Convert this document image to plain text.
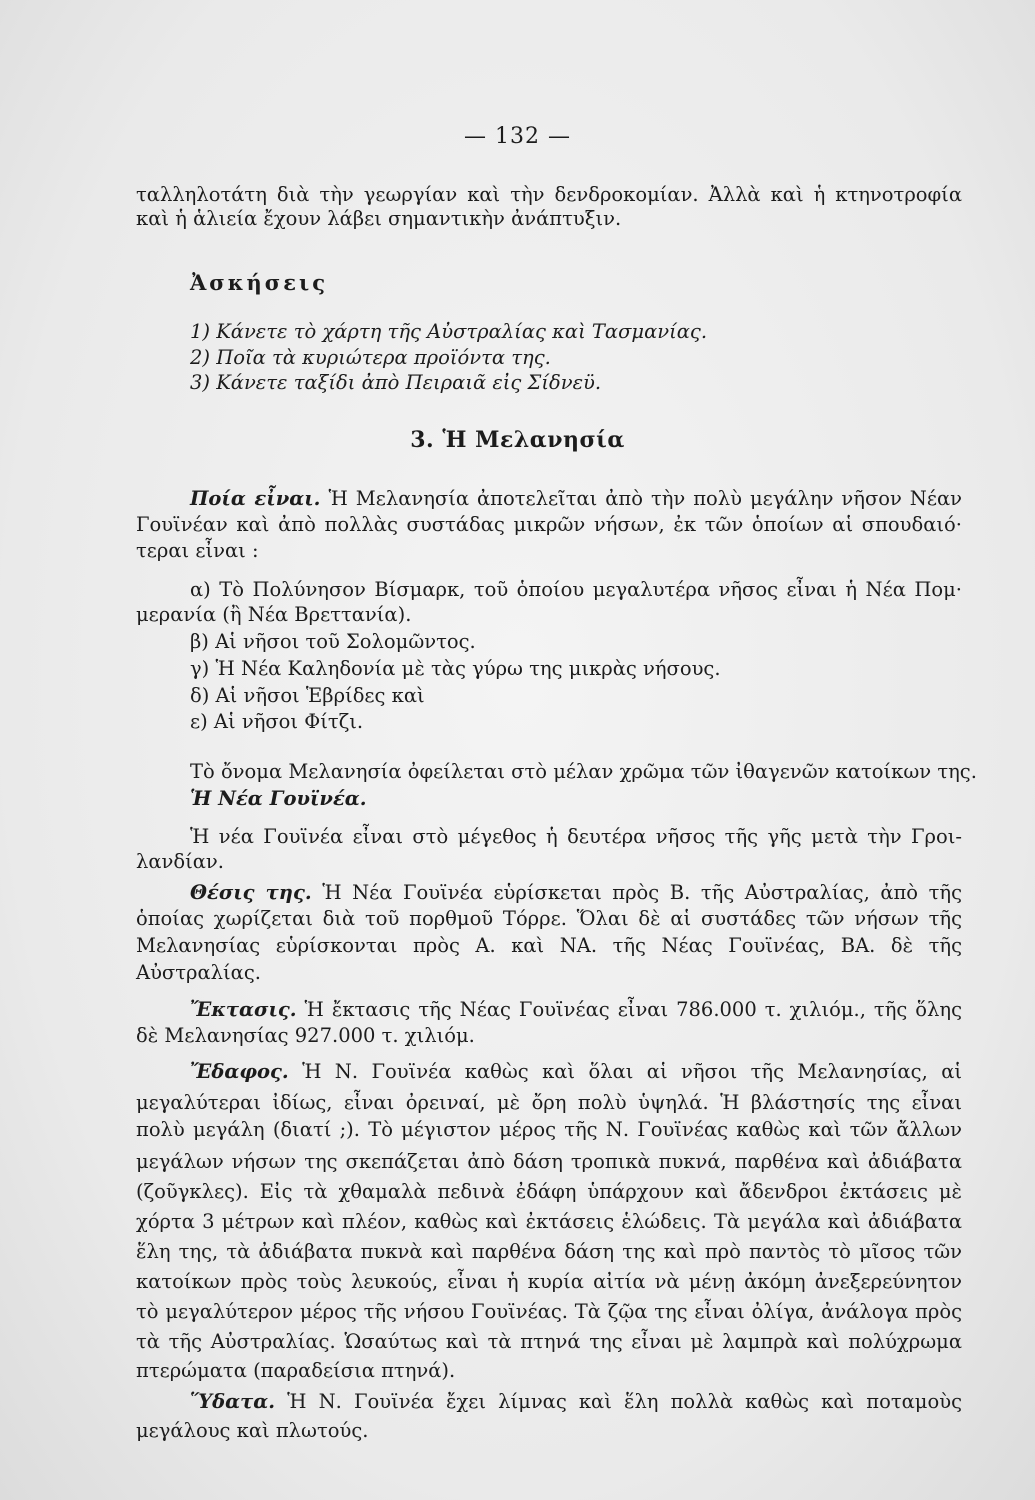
— 132 —
ταλληλοτάτη διὰ τὴν γεωργίαν καὶ τὴν δενδροκομίαν. Ἀλλὰ καὶ ἡ κτηνοτροφία
καὶ ἡ ἁλιεία ἔχουν λάβει σημαντικὴν ἀνάπτυξιν.
Ἀσκήσεις
1) Κάνετε τὸ χάρτη τῆς Αὐστραλίας καὶ Τασμανίας.
2) Ποῖα τὰ κυριώτερα προϊόντα της.
3) Κάνετε ταξίδι ἀπὸ Πειραιᾶ εἰς Σίδνεϋ.
3. Ἡ Μελανησία
Ποία εἶναι. Ἡ Μελανησία ἀποτελεῖται ἀπὸ τὴν πολὺ μεγάλην νῆσον Νέαν
Γουϊνέαν καὶ ἀπὸ πολλὰς συστάδας μικρῶν νήσων, ἐκ τῶν ὁποίων αἱ σπουδαιό·
τεραι εἶναι :
α) Τὸ Πολύνησον Βίσμαρκ, τοῦ ὁποίου μεγαλυτέρα νῆσος εἶναι ἡ Νέα Πομ·
μερανία (ἢ Νέα Βρεττανία).
β) Αἱ νῆσοι τοῦ Σολομῶντος.
γ) Ἡ Νέα Καληδονία μὲ τὰς γύρω της μικρὰς νήσους.
δ) Αἱ νῆσοι Ἑβρίδες καὶ
ε) Αἱ νῆσοι Φίτζι.
Τὸ ὄνομα Μελανησία ὀφείλεται στὸ μέλαν χρῶμα τῶν ἰθαγενῶν κατοίκων της.
Ἡ Νέα Γουϊνέα.
Ἡ νέα Γουϊνέα εἶναι στὸ μέγεθος ἡ δευτέρα νῆσος τῆς γῆς μετὰ τὴν Γροι-
λανδίαν.
Θέσις της. Ἡ Νέα Γουϊνέα εὑρίσκεται πρὸς Β. τῆς Αὐστραλίας, ἀπὸ τῆς
ὁποίας χωρίζεται διὰ τοῦ πορθμοῦ Τόρρε. Ὅλαι δὲ αἱ συστάδες τῶν νήσων τῆς
Μελανησίας εὑρίσκονται πρὸς Α. καὶ ΝΑ. τῆς Νέας Γουϊνέας, ΒΑ. δὲ τῆς
Αὐστραλίας.
Ἔκτασις. Ἡ ἔκτασις τῆς Νέας Γουϊνέας εἶναι 786.000 τ. χιλιόμ., τῆς ὅλης
δὲ Μελανησίας 927.000 τ. χιλιόμ.
Ἔδαφος. Ἡ Ν. Γουϊνέα καθὼς καὶ ὅλαι αἱ νῆσοι τῆς Μελανησίας, αἱ
μεγαλύτεραι ἰδίως, εἶναι ὀρειναί, μὲ ὄρη πολὺ ὑψηλά. Ἡ βλάστησίς της εἶναι
πολὺ μεγάλη (διατί ;). Τὸ μέγιστον μέρος τῆς Ν. Γουϊνέας καθὼς καὶ τῶν ἄλλων
μεγάλων νήσων της σκεπάζεται ἀπὸ δάση τροπικὰ πυκνά, παρθένα καὶ ἀδιάβατα
(ζοῦγκλες). Εἰς τὰ χθαμαλὰ πεδινὰ ἐδάφη ὑπάρχουν καὶ ἄδενδροι ἐκτάσεις μὲ
χόρτα 3 μέτρων καὶ πλέον, καθὼς καὶ ἐκτάσεις ἑλώδεις. Τὰ μεγάλα καὶ ἀδιάβατα
ἕλη της, τὰ ἀδιάβατα πυκνὰ καὶ παρθένα δάση της καὶ πρὸ παντὸς τὸ μῖσος τῶν
κατοίκων πρὸς τοὺς λευκούς, εἶναι ἡ κυρία αἰτία νὰ μένῃ ἀκόμη ἀνεξερεύνητον
τὸ μεγαλύτερον μέρος τῆς νήσου Γουϊνέας. Τὰ ζῷα της εἶναι ὀλίγα, ἀνάλογα πρὸς
τὰ τῆς Αὐστραλίας. Ὡσαύτως καὶ τὰ πτηνά της εἶναι μὲ λαμπρὰ καὶ πολύχρωμα
πτερώματα (παραδείσια πτηνά).
Ὕδατα. Ἡ Ν. Γουϊνέα ἔχει λίμνας καὶ ἕλη πολλὰ καθὼς καὶ ποταμοὺς
μεγάλους καὶ πλωτούς.
